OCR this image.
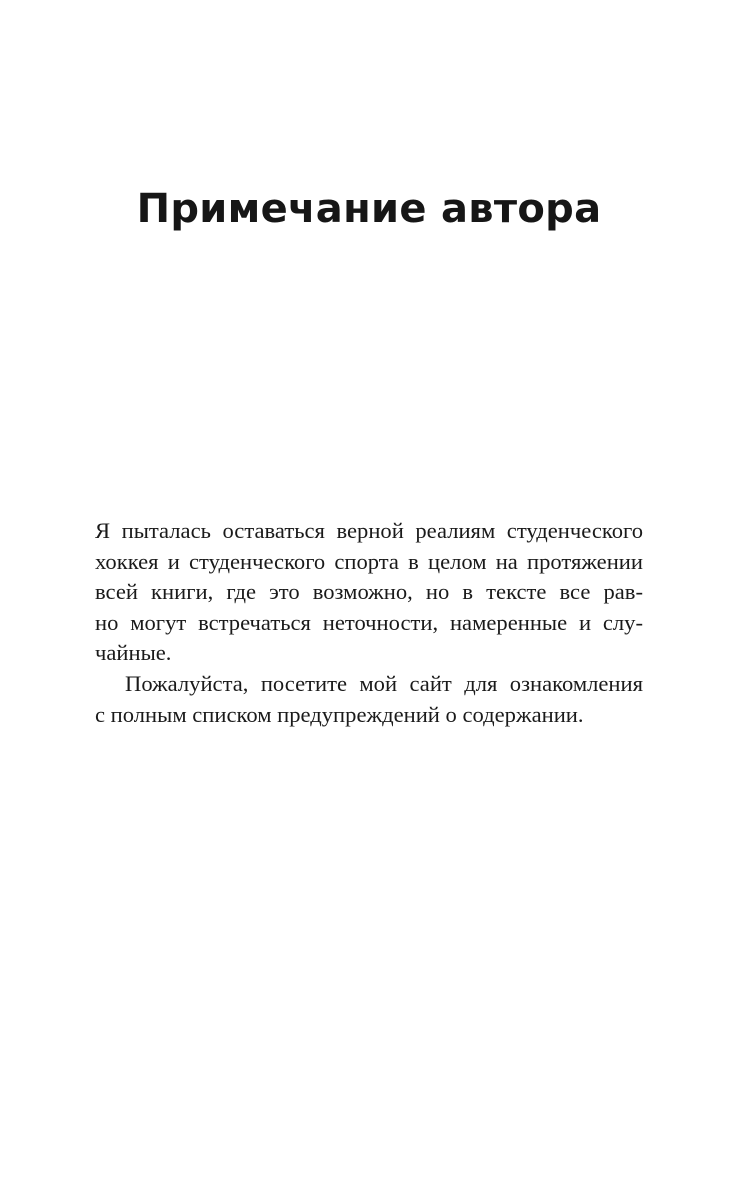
Примечание автора
Я пыталась оставаться верной реалиям студенческого
хоккея и студенческого спорта в целом на протяжении
всей книги, где это возможно, но в тексте все рав-
но могут встречаться неточности, намеренные и слу-
чайные.
Пожалуйста, посетите мой сайт для ознакомления
с полным списком предупреждений о содержании.
